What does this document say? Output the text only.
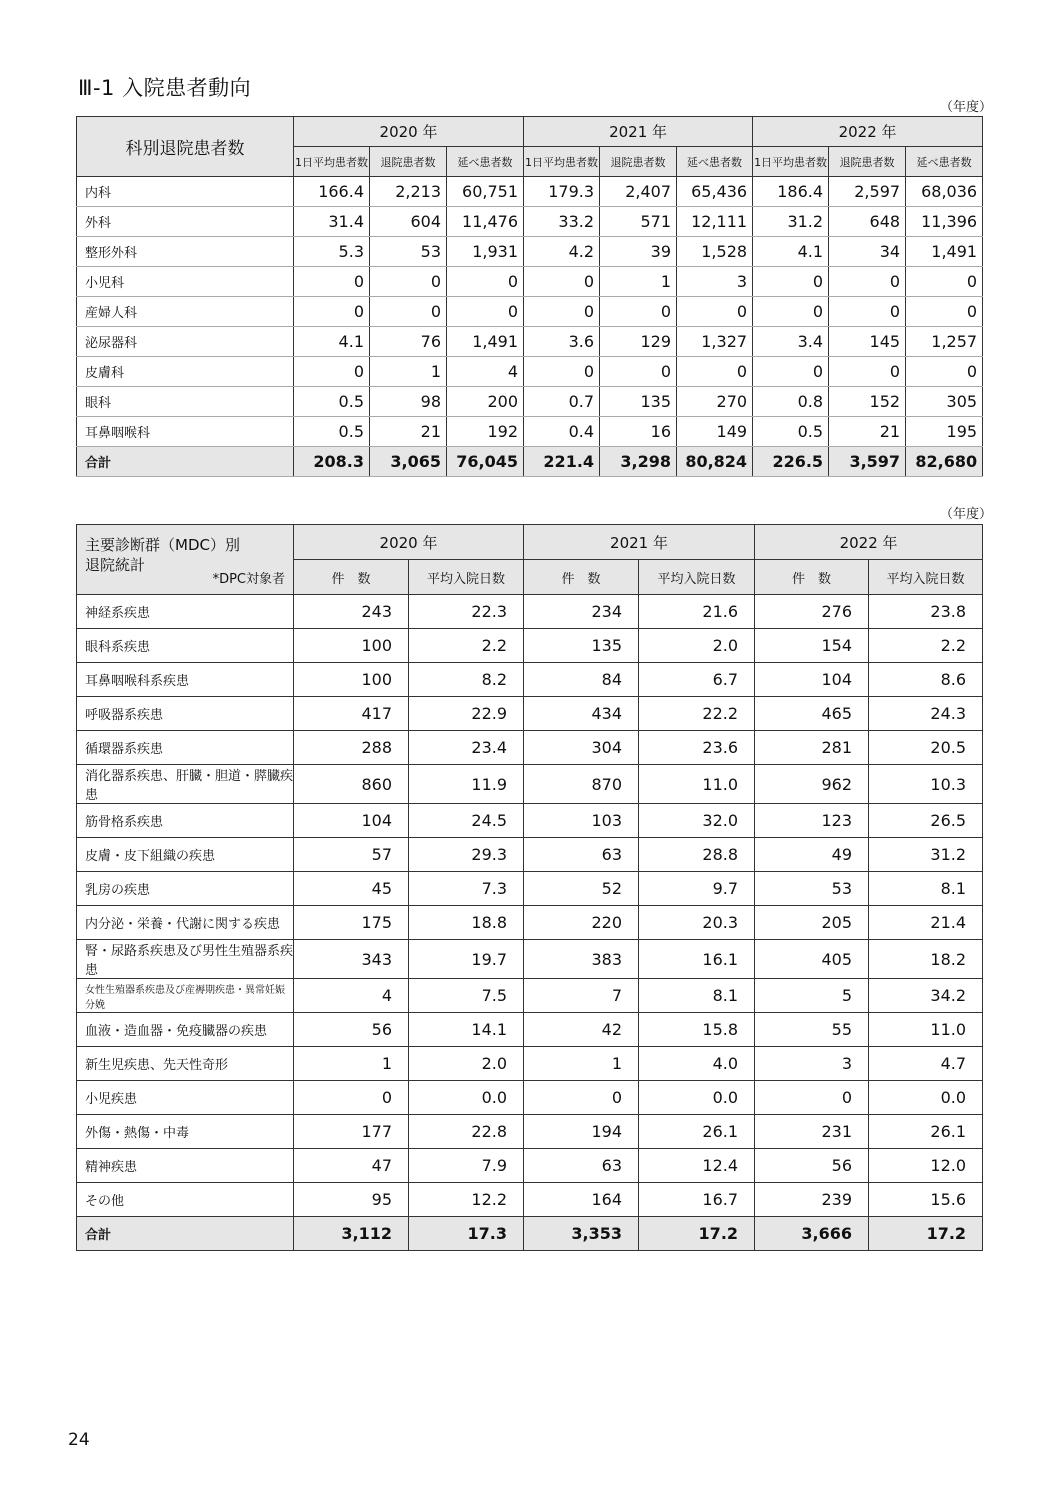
Ⅲ-1 入院患者動向
（年度）
科別退院患者数	2020 年			2021 年			2022 年		
	1日平均患者数	退院患者数	延べ患者数	1日平均患者数	退院患者数	延べ患者数	1日平均患者数	退院患者数	延べ患者数
内科	166.4	2,213	60,751	179.3	2,407	65,436	186.4	2,597	68,036
外科	31.4	604	11,476	33.2	571	12,111	31.2	648	11,396
整形外科	5.3	53	1,931	4.2	39	1,528	4.1	34	1,491
小児科	0	0	0	0	1	3	0	0	0
産婦人科	0	0	0	0	0	0	0	0	0
泌尿器科	4.1	76	1,491	3.6	129	1,327	3.4	145	1,257
皮膚科	0	1	4	0	0	0	0	0	0
眼科	0.5	98	200	0.7	135	270	0.8	152	305
耳鼻咽喉科	0.5	21	192	0.4	16	149	0.5	21	195
合計	208.3	3,065	76,045	221.4	3,298	80,824	226.5	3,597	82,680
（年度）
主要診断群（MDC）別
退院統計
*DPC対象者	2020 年		2021 年		2022 年	
	件　数	平均入院日数	件　数	平均入院日数	件　数	平均入院日数
神経系疾患	243	22.3	234	21.6	276	23.8
眼科系疾患	100	2.2	135	2.0	154	2.2
耳鼻咽喉科系疾患	100	8.2	84	6.7	104	8.6
呼吸器系疾患	417	22.9	434	22.2	465	24.3
循環器系疾患	288	23.4	304	23.6	281	20.5
消化器系疾患、肝臓・胆道・膵臓疾患	860	11.9	870	11.0	962	10.3
筋骨格系疾患	104	24.5	103	32.0	123	26.5
皮膚・皮下組織の疾患	57	29.3	63	28.8	49	31.2
乳房の疾患	45	7.3	52	9.7	53	8.1
内分泌・栄養・代謝に関する疾患	175	18.8	220	20.3	205	21.4
腎・尿路系疾患及び男性生殖器系疾患	343	19.7	383	16.1	405	18.2
女性生殖器系疾患及び産褥期疾患・異常妊娠分娩	4	7.5	7	8.1	5	34.2
血液・造血器・免疫臓器の疾患	56	14.1	42	15.8	55	11.0
新生児疾患、先天性奇形	1	2.0	1	4.0	3	4.7
小児疾患	0	0.0	0	0.0	0	0.0
外傷・熱傷・中毒	177	22.8	194	26.1	231	26.1
精神疾患	47	7.9	63	12.4	56	12.0
その他	95	12.2	164	16.7	239	15.6
合計	3,112	17.3	3,353	17.2	3,666	17.2
24
